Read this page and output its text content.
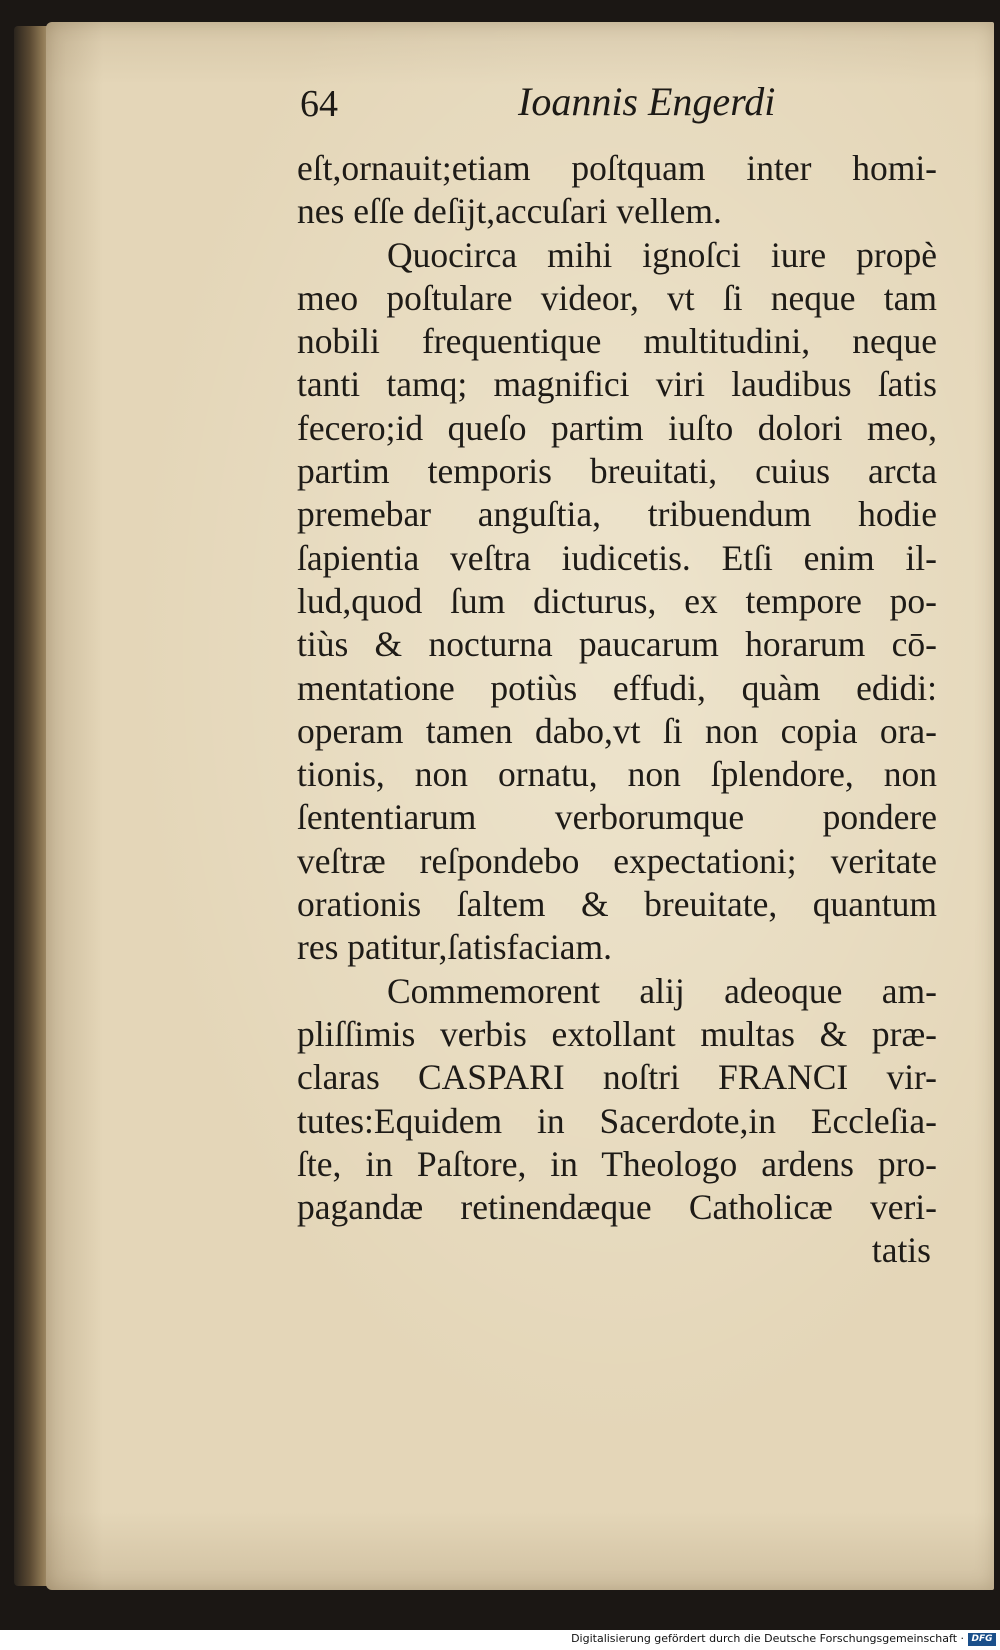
64	Ioannis Engerdi
eſt,ornauit;etiam poſtquam inter homi-
nes eſſe deſijt,accuſari vellem.
Quocirca mihi ignoſci iure propè
meo poſtulare videor, vt ſi neque tam
nobili frequentique multitudini, neque
tanti tamq; magnifici viri laudibus ſatis
fecero;id queſo partim iuſto dolori meo,
partim temporis breuitati, cuius arcta
premebar anguſtia, tribuendum hodie
ſapientia veſtra iudicetis. Etſi enim il-
lud,quod ſum dicturus, ex tempore po-
tiùs & nocturna paucarum horarum cō-
mentatione potiùs effudi, quàm edidi:
operam tamen dabo,vt ſi non copia ora-
tionis, non ornatu, non ſplendore, non
ſententiarum verborumque pondere
veſtræ reſpondebo expectationi; veritate
orationis ſaltem & breuitate, quantum
res patitur,ſatisfaciam.
Commemorent alij adeoque am-
pliſſimis verbis extollant multas & præ-
claras CASPARI noſtri FRANCI vir-
tutes:Equidem in Sacerdote,in Eccleſia-
ſte, in Paſtore, in Theologo ardens pro-
pagandæ retinendæque Catholicæ veri-
tatis
Digitalisierung gefördert durch die Deutsche Forschungsgemeinschaft · DFG
